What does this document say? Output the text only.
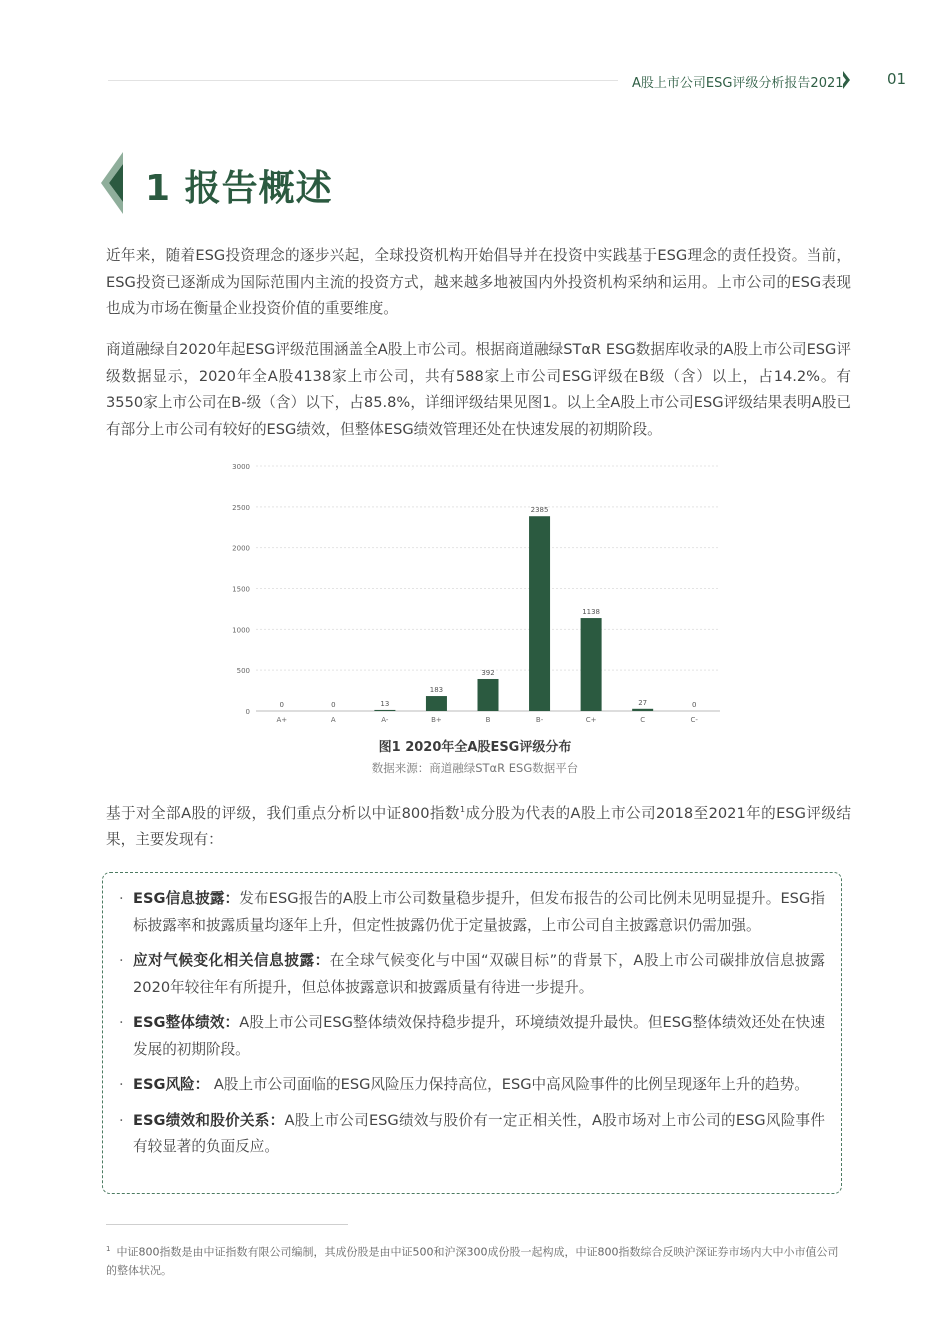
A股上市公司ESG评级分析报告2021	01
1 报告概述

近年来，随着ESG投资理念的逐步兴起，全球投资机构开始倡导并在投资中实践基于ESG理念的责任投资。当前，ESG投资已逐渐成为国际范围内主流的投资方式，越来越多地被国内外投资机构采纳和运用。上市公司的ESG表现也成为市场在衡量企业投资价值的重要维度。

商道融绿自2020年起ESG评级范围涵盖全A股上市公司。根据商道融绿STαR ESG数据库收录的A股上市公司ESG评级数据显示，2020年全A股4138家上市公司，共有588家上市公司ESG评级在B级（含）以上，占14.2%。有3550家上市公司在B-级（含）以下，占85.8%，详细评级结果见图1。以上全A股上市公司ESG评级结果表明A股已有部分上市公司有较好的ESG绩效，但整体ESG绩效管理还处在快速发展的初期阶段。

0
500
1000
1500
2000
2500
3000
0
A+
0
A
13
A-
183
B+
392
B
2385
B-
1138
C+
27
C
0
C-
图1 2020年全A股ESG评级分布
数据来源：商道融绿STαR ESG数据平台

基于对全部A股的评级，我们重点分析以中证800指数$^1$成分股为代表的A股上市公司2018至2021年的ESG评级结果，主要发现有：

· ESG信息披露：发布ESG报告的A股上市公司数量稳步提升，但发布报告的公司比例未见明显提升。ESG指标披露率和披露质量均逐年上升，但定性披露仍优于定量披露，上市公司自主披露意识仍需加强。
· 应对气候变化相关信息披露：在全球气候变化与中国“双碳目标”的背景下，A股上市公司碳排放信息披露2020年较往年有所提升，但总体披露意识和披露质量有待进一步提升。
· ESG整体绩效：A股上市公司ESG整体绩效保持稳步提升，环境绩效提升最快。但ESG整体绩效还处在快速发展的初期阶段。
· ESG风险： A股上市公司面临的ESG风险压力保持高位，ESG中高风险事件的比例呈现逐年上升的趋势。
· ESG绩效和股价关系：A股上市公司ESG绩效与股价有一定正相关性，A股市场对上市公司的ESG风险事件有较显著的负面反应。

$^1$ 中证800指数是由中证指数有限公司编制，其成份股是由中证500和沪深300成份股一起构成，中证800指数综合反映沪深证券市场内大中小市值公司的整体状况。
